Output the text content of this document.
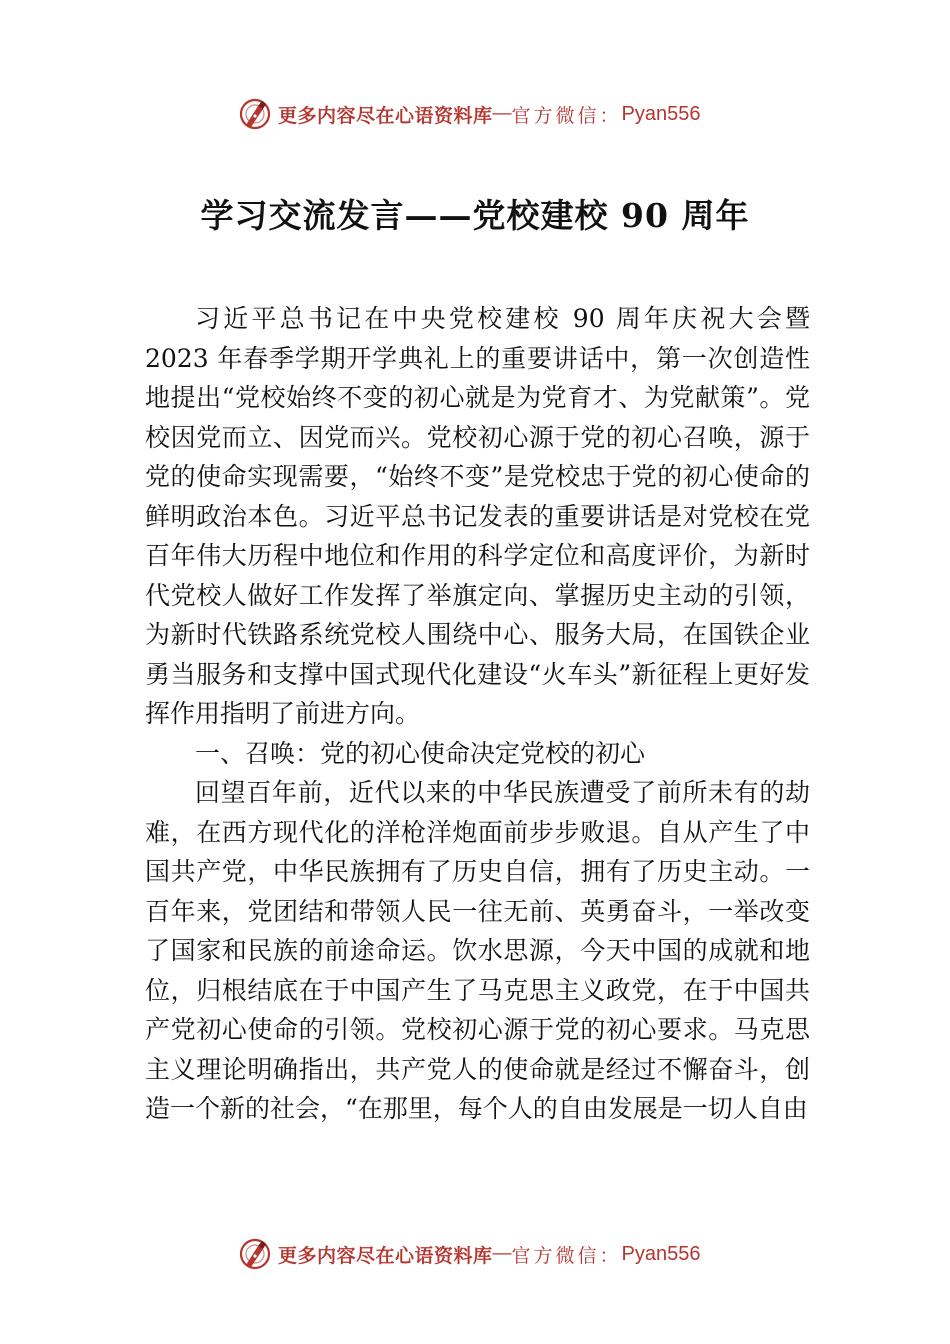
更多内容尽在心语资料库 — 官方微信： Pyan556
学习交流发言——党校建校 90 周年

习近平总书记在中央党校建校 90 周年庆祝大会暨 2023 年春季学期开学典礼上的重要讲话中，第一次创造性地提出“党校始终不变的初心就是为党育才、为党献策”。党校因党而立、因党而兴。党校初心源于党的初心召唤，源于党的使命实现需要，“始终不变”是党校忠于党的初心使命的鲜明政治本色。习近平总书记发表的重要讲话是对党校在党百年伟大历程中地位和作用的科学定位和高度评价，为新时代党校人做好工作发挥了举旗定向、掌握历史主动的引领，为新时代铁路系统党校人围绕中心、服务大局，在国铁企业勇当服务和支撑中国式现代化建设“火车头”新征程上更好发挥作用指明了前进方向。

一、召唤：党的初心使命决定党校的初心

回望百年前，近代以来的中华民族遭受了前所未有的劫难，在西方现代化的洋枪洋炮面前步步败退。自从产生了中国共产党，中华民族拥有了历史自信，拥有了历史主动。一百年来，党团结和带领人民一往无前、英勇奋斗，一举改变了国家和民族的前途命运。饮水思源，今天中国的成就和地位，归根结底在于中国产生了马克思主义政党，在于中国共产党初心使命的引领。党校初心源于党的初心要求。马克思主义理论明确指出，共产党人的使命就是经过不懈奋斗，创造一个新的社会，“在那里，每个人的自由发展是一切人自由

更多内容尽在心语资料库 — 官方微信： Pyan556
